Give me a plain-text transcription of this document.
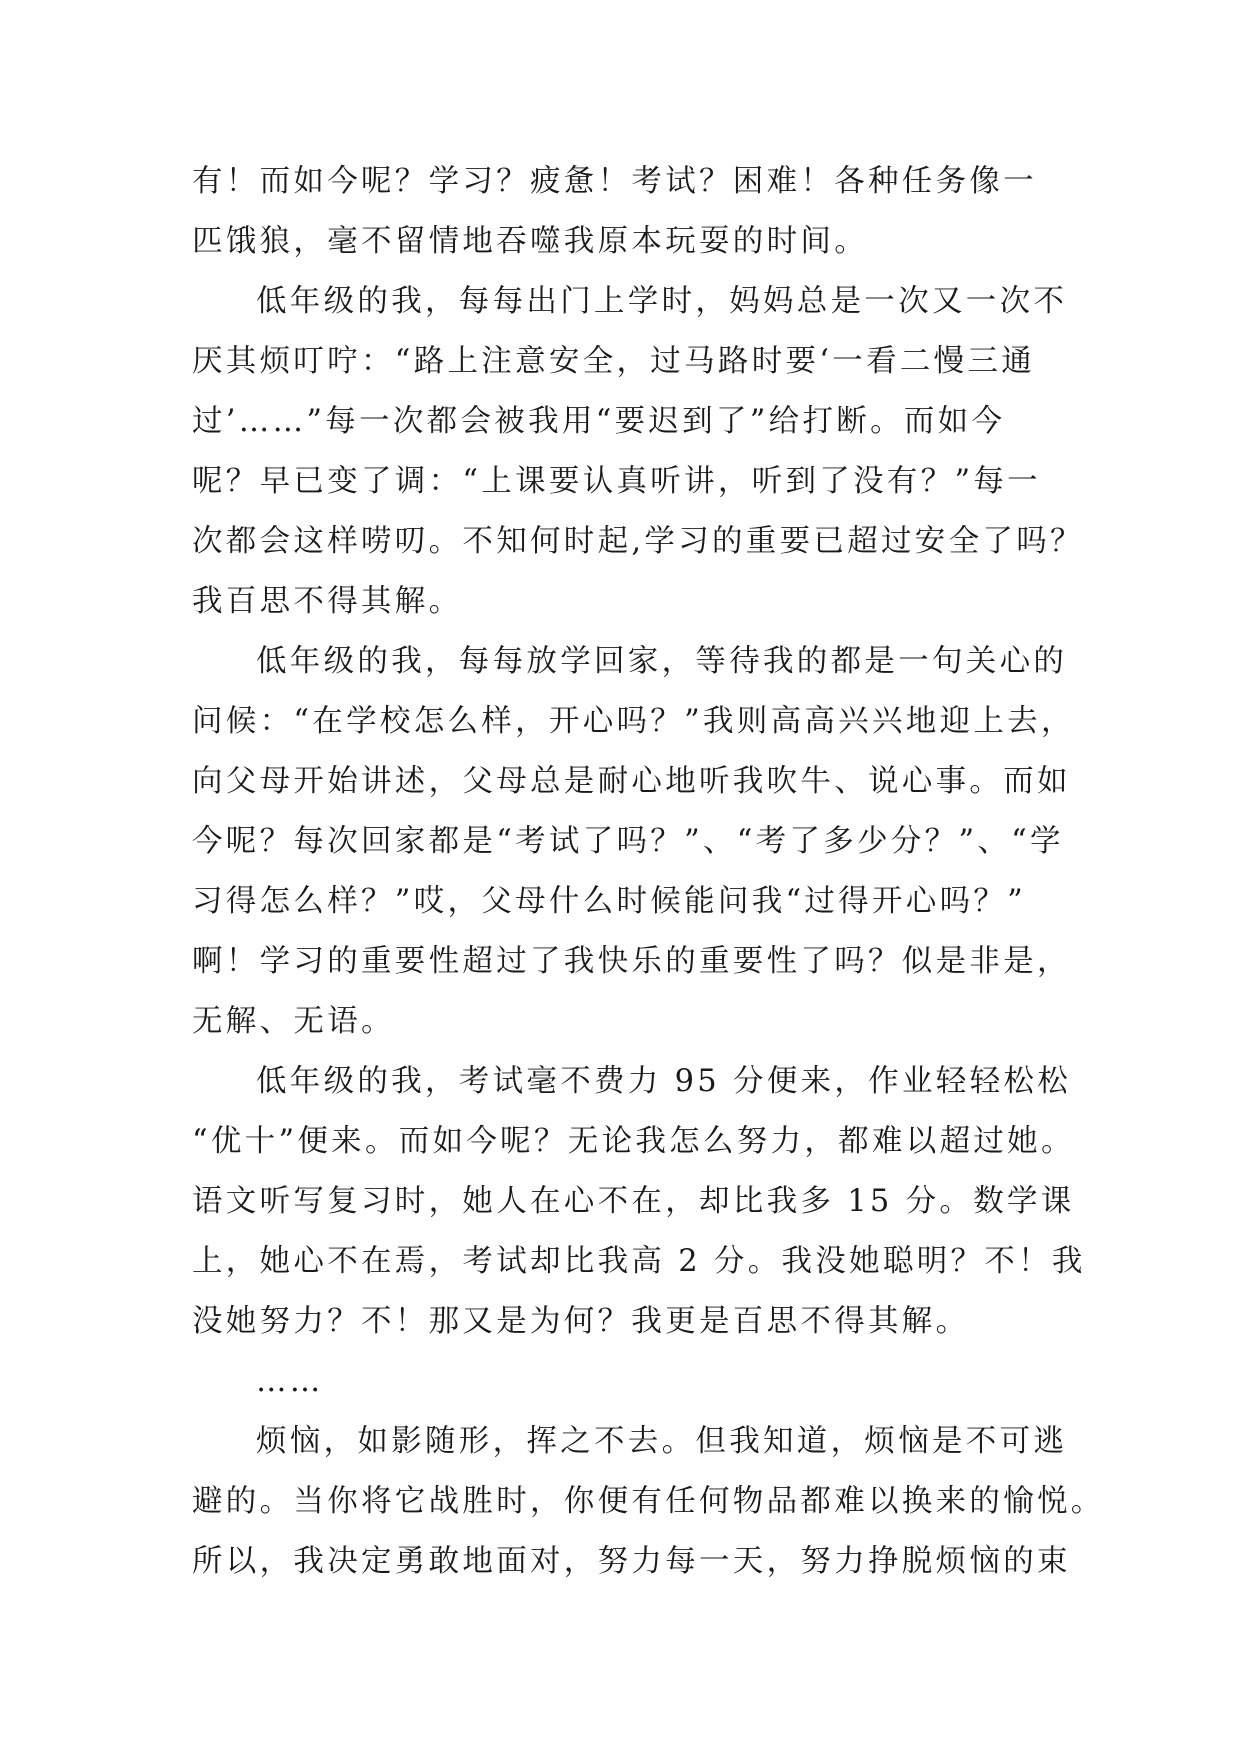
有！而如今呢？学习？疲惫！考试？困难！各种任务像一
匹饿狼，毫不留情地吞噬我原本玩耍的时间。
低年级的我，每每出门上学时，妈妈总是一次又一次不
厌其烦叮咛：“路上注意安全，过马路时要‘一看二慢三通
过’……”每一次都会被我用“要迟到了”给打断。而如今
呢？早已变了调：“上课要认真听讲，听到了没有？”每一
次都会这样唠叨。不知何时起,学习的重要已超过安全了吗？
我百思不得其解。
低年级的我，每每放学回家，等待我的都是一句关心的
问候：“在学校怎么样，开心吗？”我则高高兴兴地迎上去，
向父母开始讲述，父母总是耐心地听我吹牛、说心事。而如
今呢？每次回家都是“考试了吗？”、“考了多少分？”、“学
习得怎么样？”哎，父母什么时候能问我“过得开心吗？”
啊！学习的重要性超过了我快乐的重要性了吗？似是非是，
无解、无语。
低年级的我，考试毫不费力 95 分便来，作业轻轻松松
“优十”便来。而如今呢？无论我怎么努力，都难以超过她。
语文听写复习时，她人在心不在，却比我多 15 分。数学课
上，她心不在焉，考试却比我高 2 分。我没她聪明？不！我
没她努力？不！那又是为何？我更是百思不得其解。
……
烦恼，如影随形，挥之不去。但我知道，烦恼是不可逃
避的。当你将它战胜时，你便有任何物品都难以换来的愉悦。
所以，我决定勇敢地面对，努力每一天，努力挣脱烦恼的束
